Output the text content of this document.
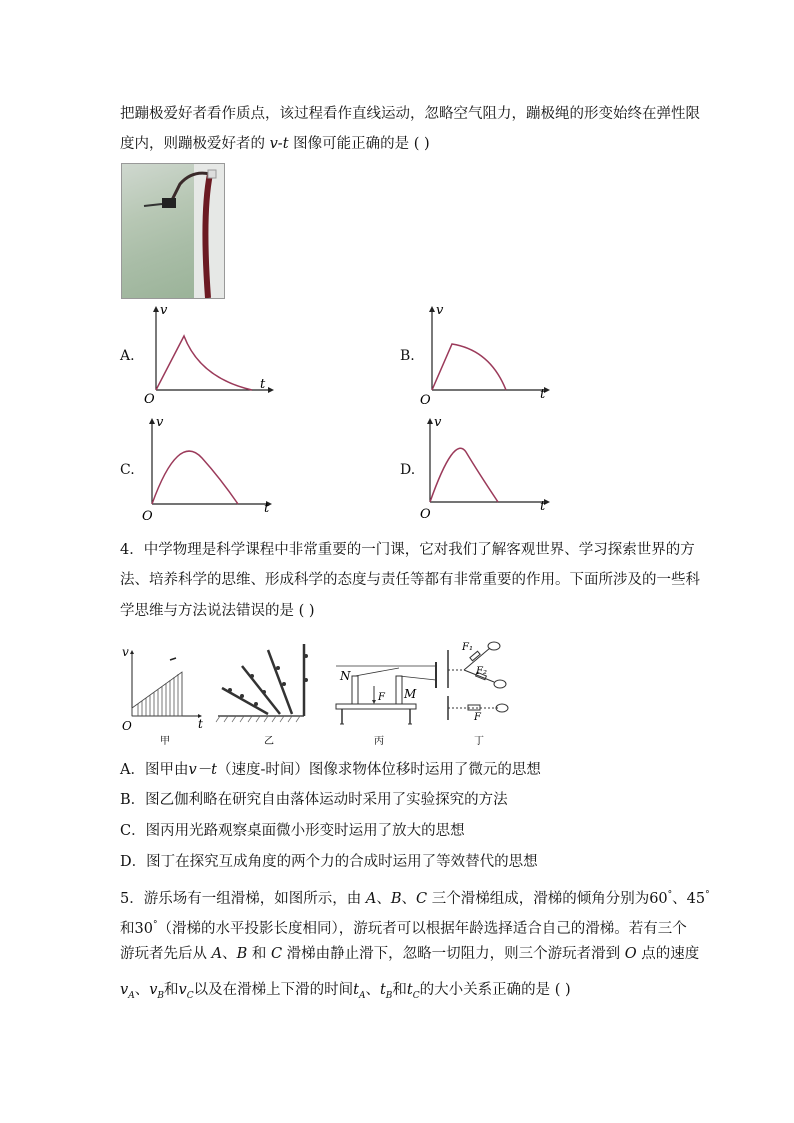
把蹦极爱好者看作质点，该过程看作直线运动，忽略空气阻力，蹦极绳的形变始终在弹性限
度内，则蹦极爱好者的 v-t 图像可能正确的是 ( )
A.
v
t
O
B.
v
t
O
C.
v
t
O
D.
v
t
O
4．中学物理是科学课程中非常重要的一门课，它对我们了解客观世界、学习探索世界的方
法、培养科学的思维、形成科学的态度与责任等都有非常重要的作用。下面所涉及的一些科
学思维与方法说法错误的是 ( )
v
t
O
甲	乙
N
M
F
丙
F₁
F₂
F
丁
A．图甲由v－t（速度-时间）图像求物体位移时运用了微元的思想
B．图乙伽利略在研究自由落体运动时采用了实验探究的方法
C．图丙用光路观察桌面微小形变时运用了放大的思想
D．图丁在探究互成角度的两个力的合成时运用了等效替代的思想
5．游乐场有一组滑梯，如图所示，由 A、B、C 三个滑梯组成，滑梯的倾角分别为60°、45°
和30°（滑梯的水平投影长度相同），游玩者可以根据年龄选择适合自己的滑梯。若有三个
游玩者先后从 A、B 和 C 滑梯由静止滑下，忽略一切阻力，则三个游玩者滑到 O 点的速度
$v_A$、$v_B$和$v_C$以及在滑梯上下滑的时间$t_A$、$t_B$和$t_C$的大小关系正确的是 ( )
